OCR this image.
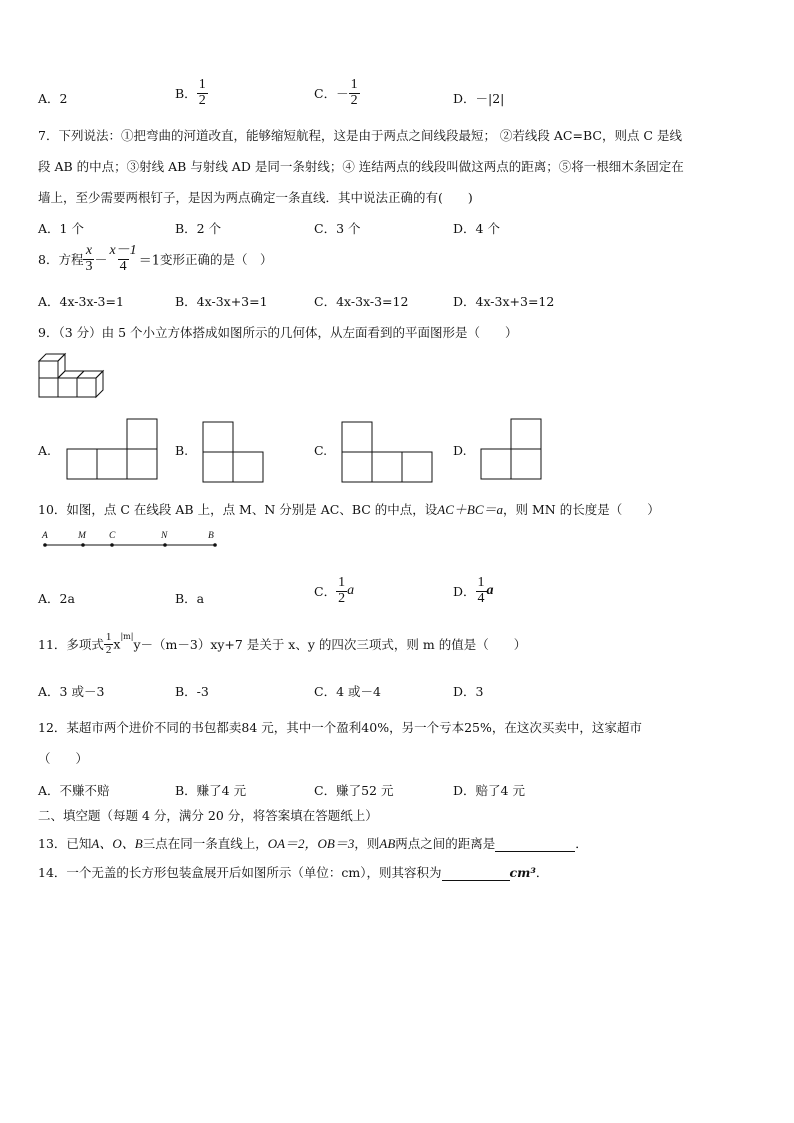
A．2	B． $\frac{1}{2}$	C．－ $\frac{1}{2}$	D．－|2|
7．下列说法：①把弯曲的河道改直，能够缩短航程，这是由于两点之间线段最短； ②若线段 AC=BC，则点 C 是线
段 AB 的中点；③射线 AB 与射线 AD 是同一条射线；④ 连结两点的线段叫做这两点的距离；⑤将一根细木条固定在
墙上，至少需要两根钉子，是因为两点确定一条直线．其中说法正确的有(　　)
A．1 个	B．2 个	C．3 个	D．4 个
8．方程 $\frac{x}{3} - \frac{x-1}{4} =1$变形正确的是（　）
A．4x-3x-3=1	B．4x-3x+3=1	C．4x-3x-3=12	D．4x-3x+3=12
9．（3 分）由 5 个小立方体搭成如图所示的几何体，从左面看到的平面图形是（　　）
A.	B.	C.	D.
10．如图，点 C 在线段 AB 上，点 M、N 分别是 AC、BC 的中点，设AC＋BC＝a，则 MN 的长度是（　　）
A	M C	N	B
A．2a	B．a	C． $\frac{1}{2}$ a	D． $\frac{1}{4}$ a
11．多项式 $\frac{1}{2} x^{|m|}y-(m-3)xy+7$ 是关于 x、y 的四次三项式，则 m 的值是（　　）
A．3 或－3	B．-3	C．4 或－4	D．3
12．某超市两个进价不同的书包都卖84 元，其中一个盈利40%，另一个亏本25%，在这次买卖中，这家超市
（　　）
A．不赚不赔	B．赚了4 元	C．赚了52 元	D．赔了4 元
二、填空题（每题 4 分，满分 20 分，将答案填在答题纸上）
13．已知A、O、B三点在同一条直线上，OA＝2，OB＝3，则AB两点之间的距离是	．
14．一个无盖的长方形包装盒展开后如图所示（单位：cm），则其容积为	cm³．
